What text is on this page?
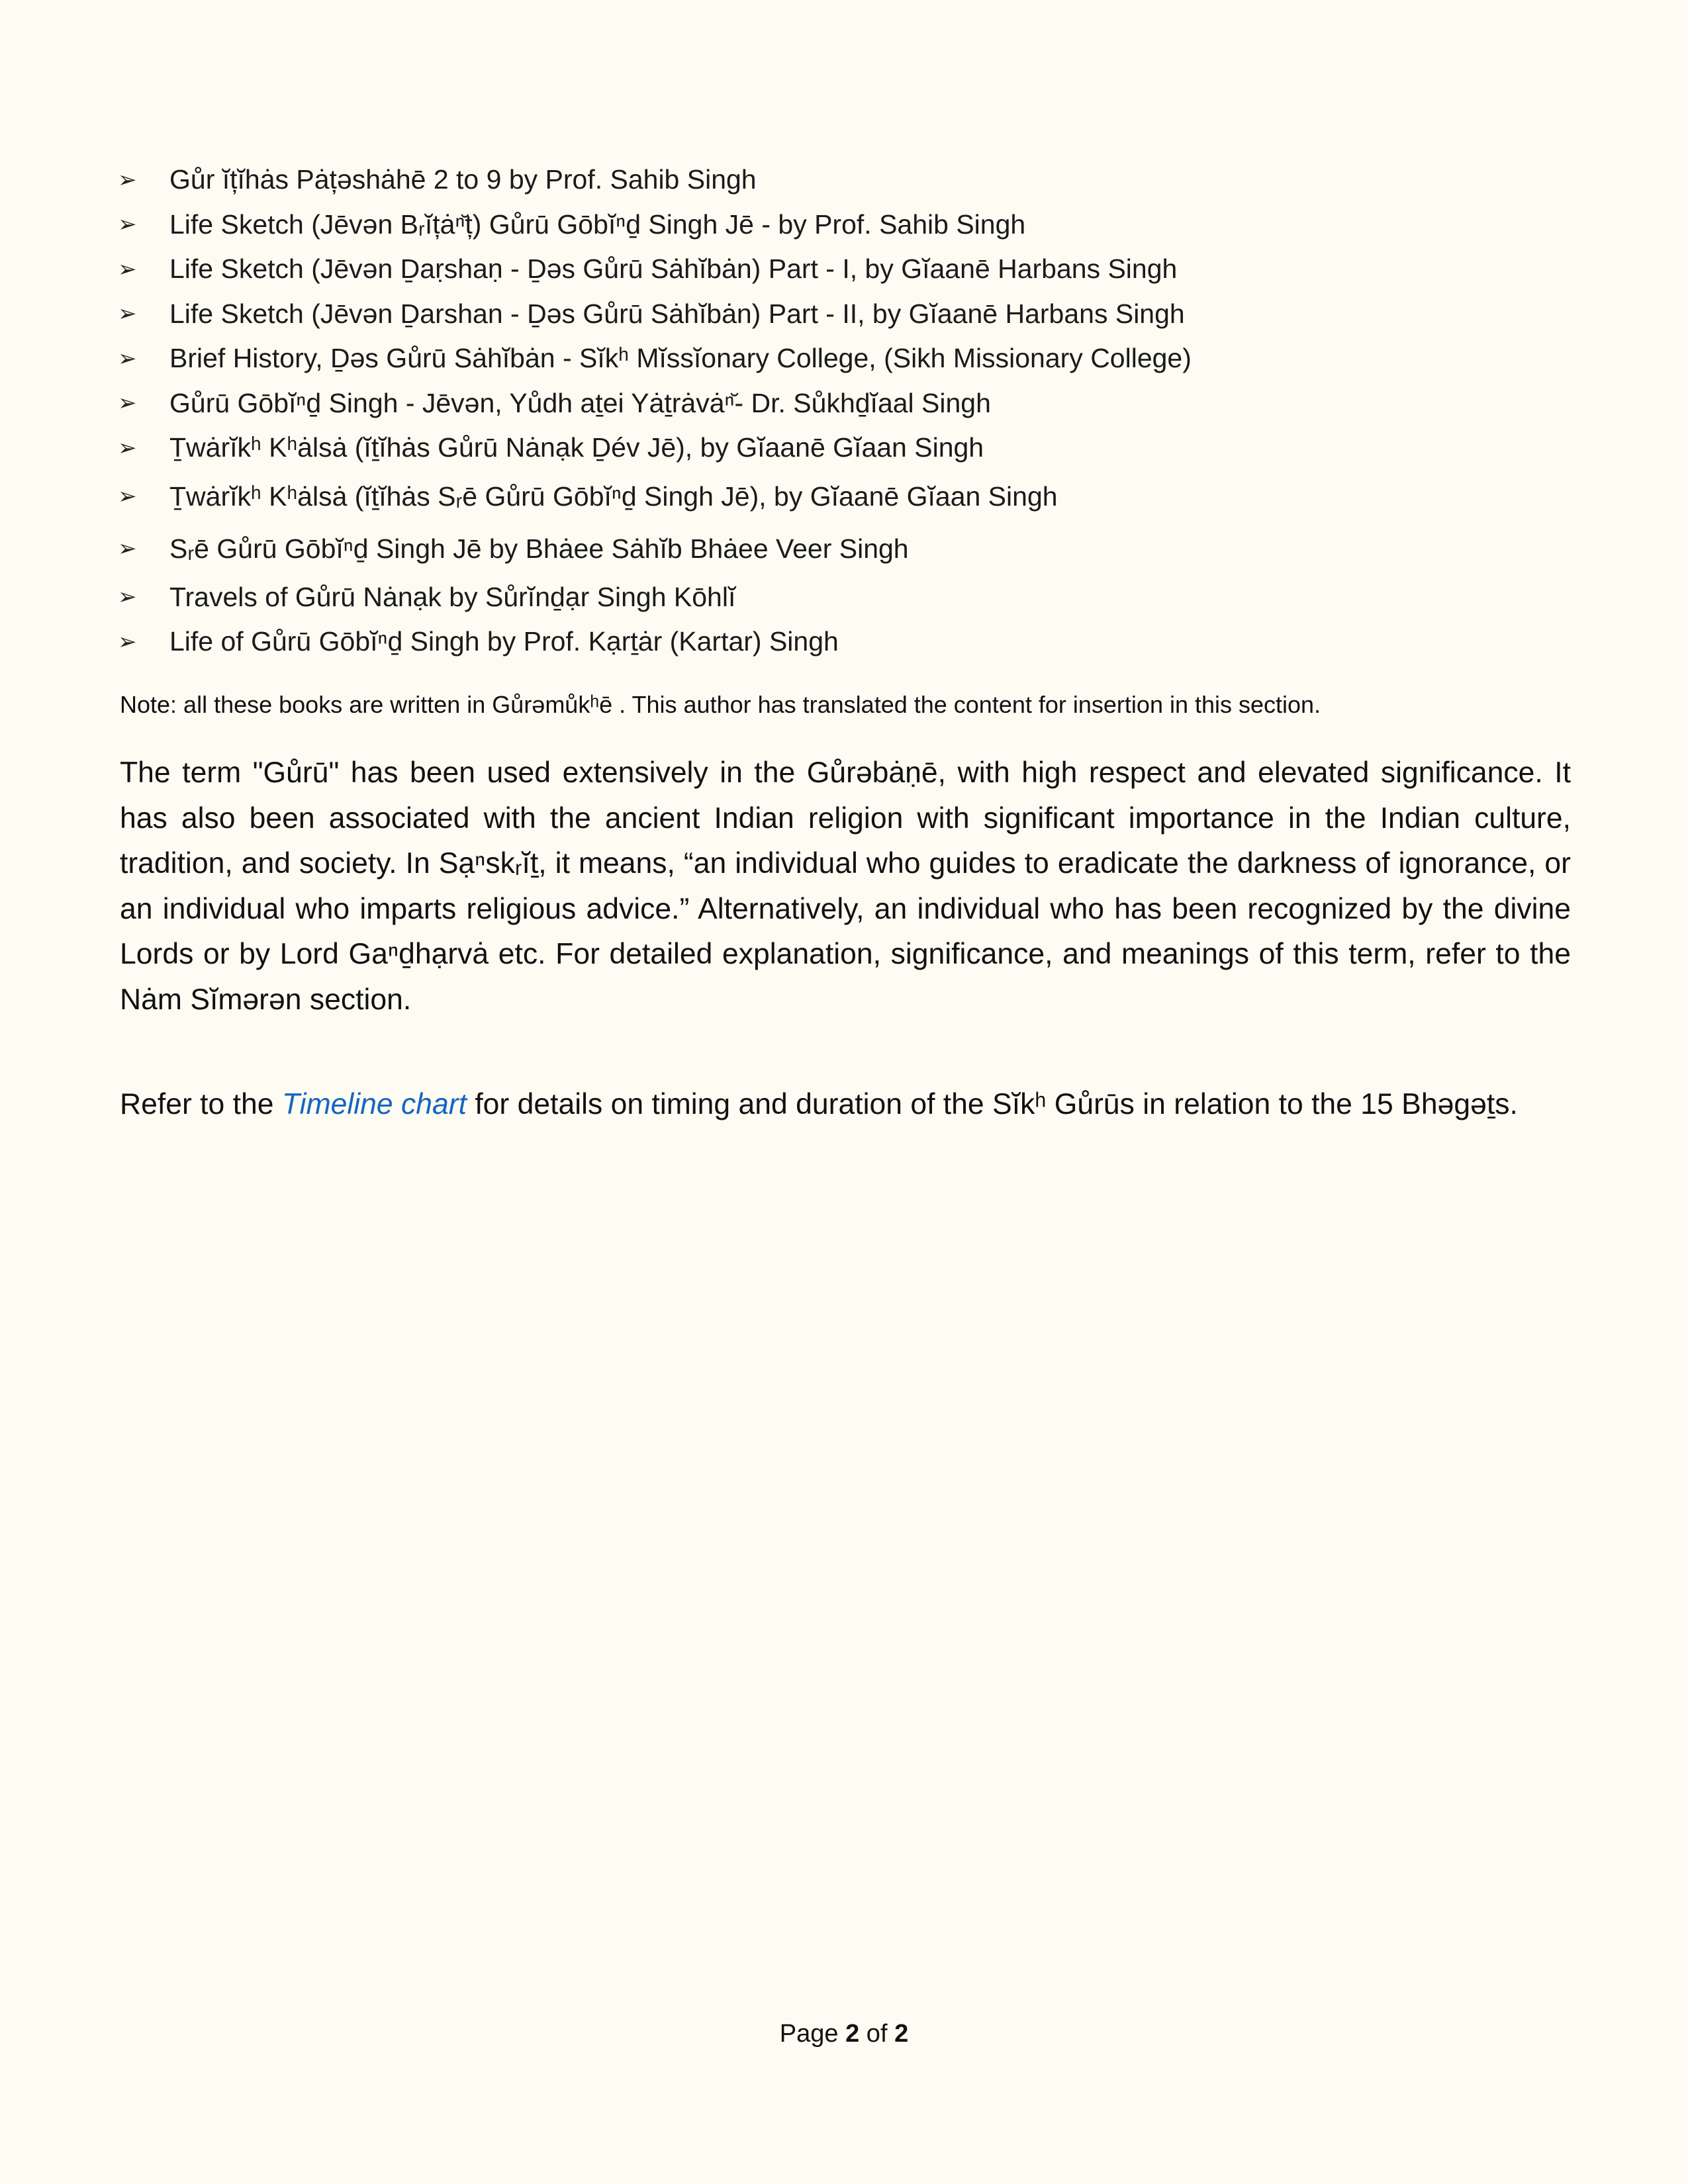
➢	Gůr ĭțĭhȧs Pȧțəshȧhē 2 to 9 by Prof. Sahib Singh
➢	Life Sketch (Jēvən Bᵣĭțȧⁿ̆ț) Gůrū Gōbĭⁿḏ Singh Jē - by Prof. Sahib Singh
➢	Life Sketch (Jēvən Ḏaṛshaṇ - Ḏəs Gůrū Sȧhĭbȧn) Part - I, by Gĭaanē Harbans Singh
➢	Life Sketch (Jēvən Ḏarshan - Ḏəs Gůrū Sȧhĭbȧn) Part - II, by Gĭaanē Harbans Singh
➢	Brief History, Ḏəs Gůrū Sȧhĭbȧn - Sĭkʰ Mĭssĭonary College, (Sikh Missionary College)
➢	Gůrū Gōbĭⁿḏ Singh - Jēvən, Yůdh aṯei Yȧṯrȧvȧⁿ̆- Dr. Sůkhḏĭaal Singh
➢	Ṯwȧrĭkʰ Kʰȧlsȧ (ĭṯĭhȧs Gůrū Nȧnạk Ḏév Jē), by Gĭaanē Gĭaan Singh
➢	Ṯwȧrĭkʰ Kʰȧlsȧ (ĭṯĭhȧs Sᵣē Gůrū Gōbĭⁿḏ Singh Jē), by Gĭaanē Gĭaan Singh
➢	Sᵣē Gůrū Gōbĭⁿḏ Singh Jē by Bhȧee Sȧhĭb Bhȧee Veer Singh
➢	Travels of Gůrū Nȧnạk by Sůrĭnḏạr Singh Kōhlĭ
➢	Life of Gůrū Gōbĭⁿḏ Singh by Prof. Kạrṯȧr (Kartar) Singh
Note: all these books are written in Gůrəmůkʰē . This author has translated the content for insertion in this section.

The term "Gůrū" has been used extensively in the Gůrəbȧṇē, with high respect and elevated significance. It has also been associated with the ancient Indian religion with significant importance in the Indian culture, tradition, and society. In Sạⁿskᵣĭṯ, it means, “an individual who guides to eradicate the darkness of ignorance, or an individual who imparts religious advice.” Alternatively, an individual who has been recognized by the divine Lords or by Lord Gaⁿḏhạrvȧ etc. For detailed explanation, significance, and meanings of this term, refer to the Nȧm Sĭmərən section.

Refer to the Timeline chart for details on timing and duration of the Sĭkʰ Gůrūs in relation to the 15 Bhəgəṯs.

Page 2 of 2
